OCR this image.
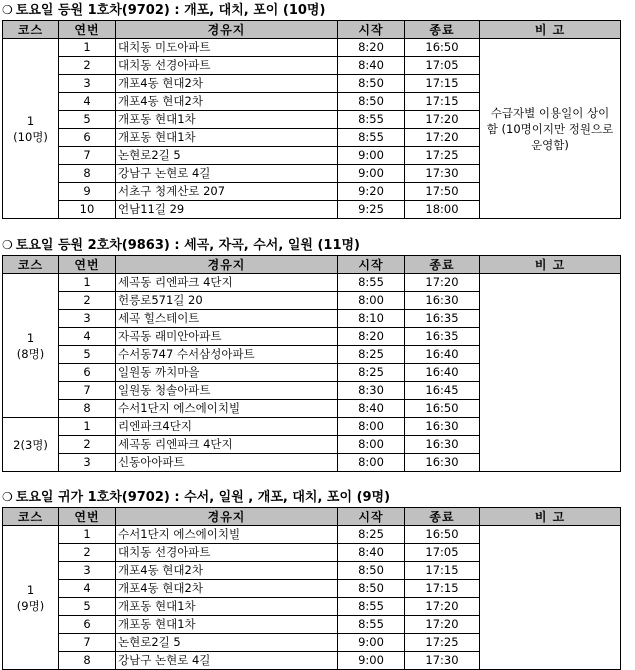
❍ 토요일 등원 1호차(9702) : 개포, 대치, 포이 (10명)
코스	연번	경유지	시작	종료	비 고
1
(10명)	1	대치동 미도아파트	8:20	16:50	수급자별 이용일이 상이함 (10명이지만 정원으로 운영함)

	2	대치동 선경아파트	8:40	17:05	
	3	개포4동 현대2차	8:50	17:15	
	4	개포4동 현대2차	8:50	17:15	
	5	개포동 현대1차	8:55	17:20	
	6	개포동 현대1차	8:55	17:20	
	7	논현로2길 5	9:00	17:25	
	8	강남구 논현로 4길	9:00	17:30	
	9	서초구 청계산로 207	9:20	17:50	
	10	언남11길 29	9:25	18:00	
❍ 토요일 등원 2호차(9863) : 세곡, 자곡, 수서, 일원 (11명)
코스	연번	경유지	시작	종료	비 고
1
(8명)	1	세곡동 리엔파크 4단지	8:55	17:20	
	2	헌릉로571길 20	8:00	16:30	
	3	세곡 힐스테이트	8:10	16:35	
	4	자곡동 래미안아파트	8:20	16:35	
	5	수서동747 수서삼성아파트	8:25	16:40	
	6	일원동 까치마을	8:25	16:40	
	7	일원동 청솔아파트	8:30	16:45	
	8	수서1단지 에스에이치빌	8:40	16:50	
2(3명)	1	리엔파크4단지	8:00	16:30	
	2	세곡동 리엔파크 4단지	8:00	16:30	
	3	신동아아파트	8:00	16:30	
❍ 토요일 귀가 1호차(9702) : 수서, 일원 , 개포, 대치, 포이 (9명)
코스	연번	경유지	시작	종료	비 고
1
(9명)	1	수서1단지 에스에이치빌	8:25	16:50	
	2	대치동 선경아파트	8:40	17:05	
	3	개포4동 현대2차	8:50	17:15	
	4	개포4동 현대2차	8:50	17:15	
	5	개포동 현대1차	8:55	17:20	
	6	개포동 현대1차	8:55	17:20	
	7	논현로2길 5	9:00	17:25	
	8	강남구 논현로 4길	9:00	17:30	
